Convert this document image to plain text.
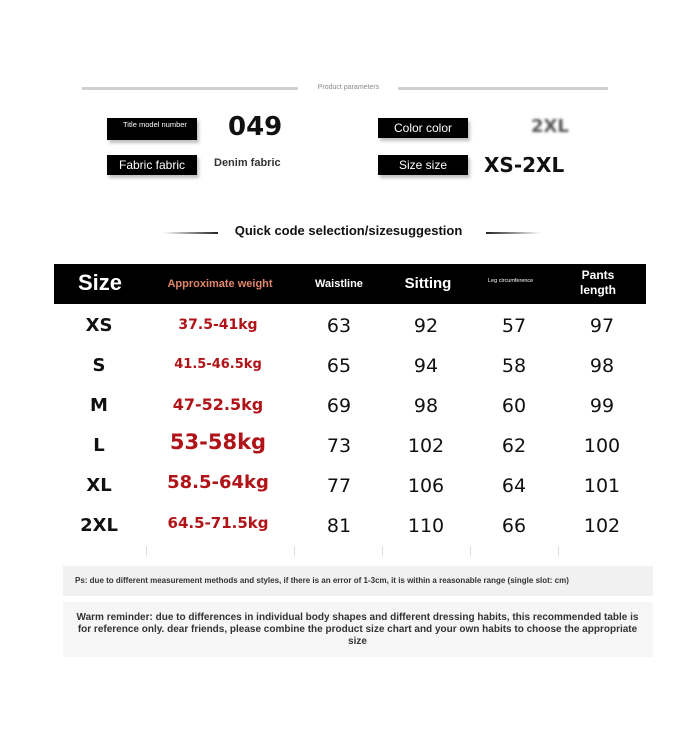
Product parameters
Title model number	049	Color color	2XL
Fabric fabric	Denim fabric	Size size	XS-2XL
Quick code selection/sizesuggestion
Size	Approximate weight	Waistline	Sitting	Leg circumference	Pants length
XS	37.5-41kg	63	92	57	97
S	41.5-46.5kg	65	94	58	98
M	47-52.5kg	69	98	60	99
L	53-58kg	73	102	62	100
XL	58.5-64kg	77	106	64	101
2XL	64.5-71.5kg	81	110	66	102
Ps: due to different measurement methods and styles, if there is an error of 1-3cm, it is within a reasonable range (single slot: cm)
Warm reminder: due to differences in individual body shapes and different dressing habits, this recommended table is for reference only. dear friends, please combine the product size chart and your own habits to choose the appropriate size
